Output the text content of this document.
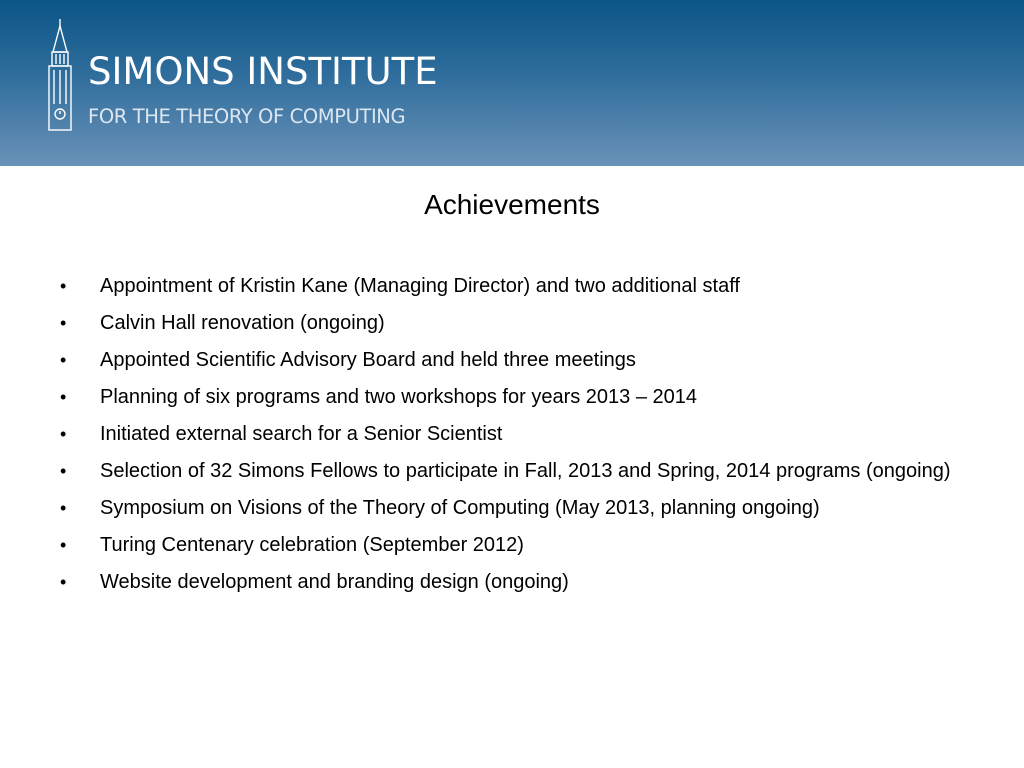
SIMONS INSTITUTE
FOR THE THEORY OF COMPUTING
Achievements
•	Appointment of Kristin Kane (Managing Director) and two additional staff
•	Calvin Hall renovation (ongoing)
•	Appointed Scientific Advisory Board and held three meetings
•	Planning of six programs and two workshops for years 2013 – 2014
•	Initiated external search for a Senior Scientist
•	Selection of 32 Simons Fellows to participate in Fall, 2013 and Spring, 2014 programs (ongoing)
•	Symposium on Visions of the Theory of Computing (May 2013, planning ongoing)
•	Turing Centenary celebration (September 2012)
•	Website development and branding design (ongoing)
